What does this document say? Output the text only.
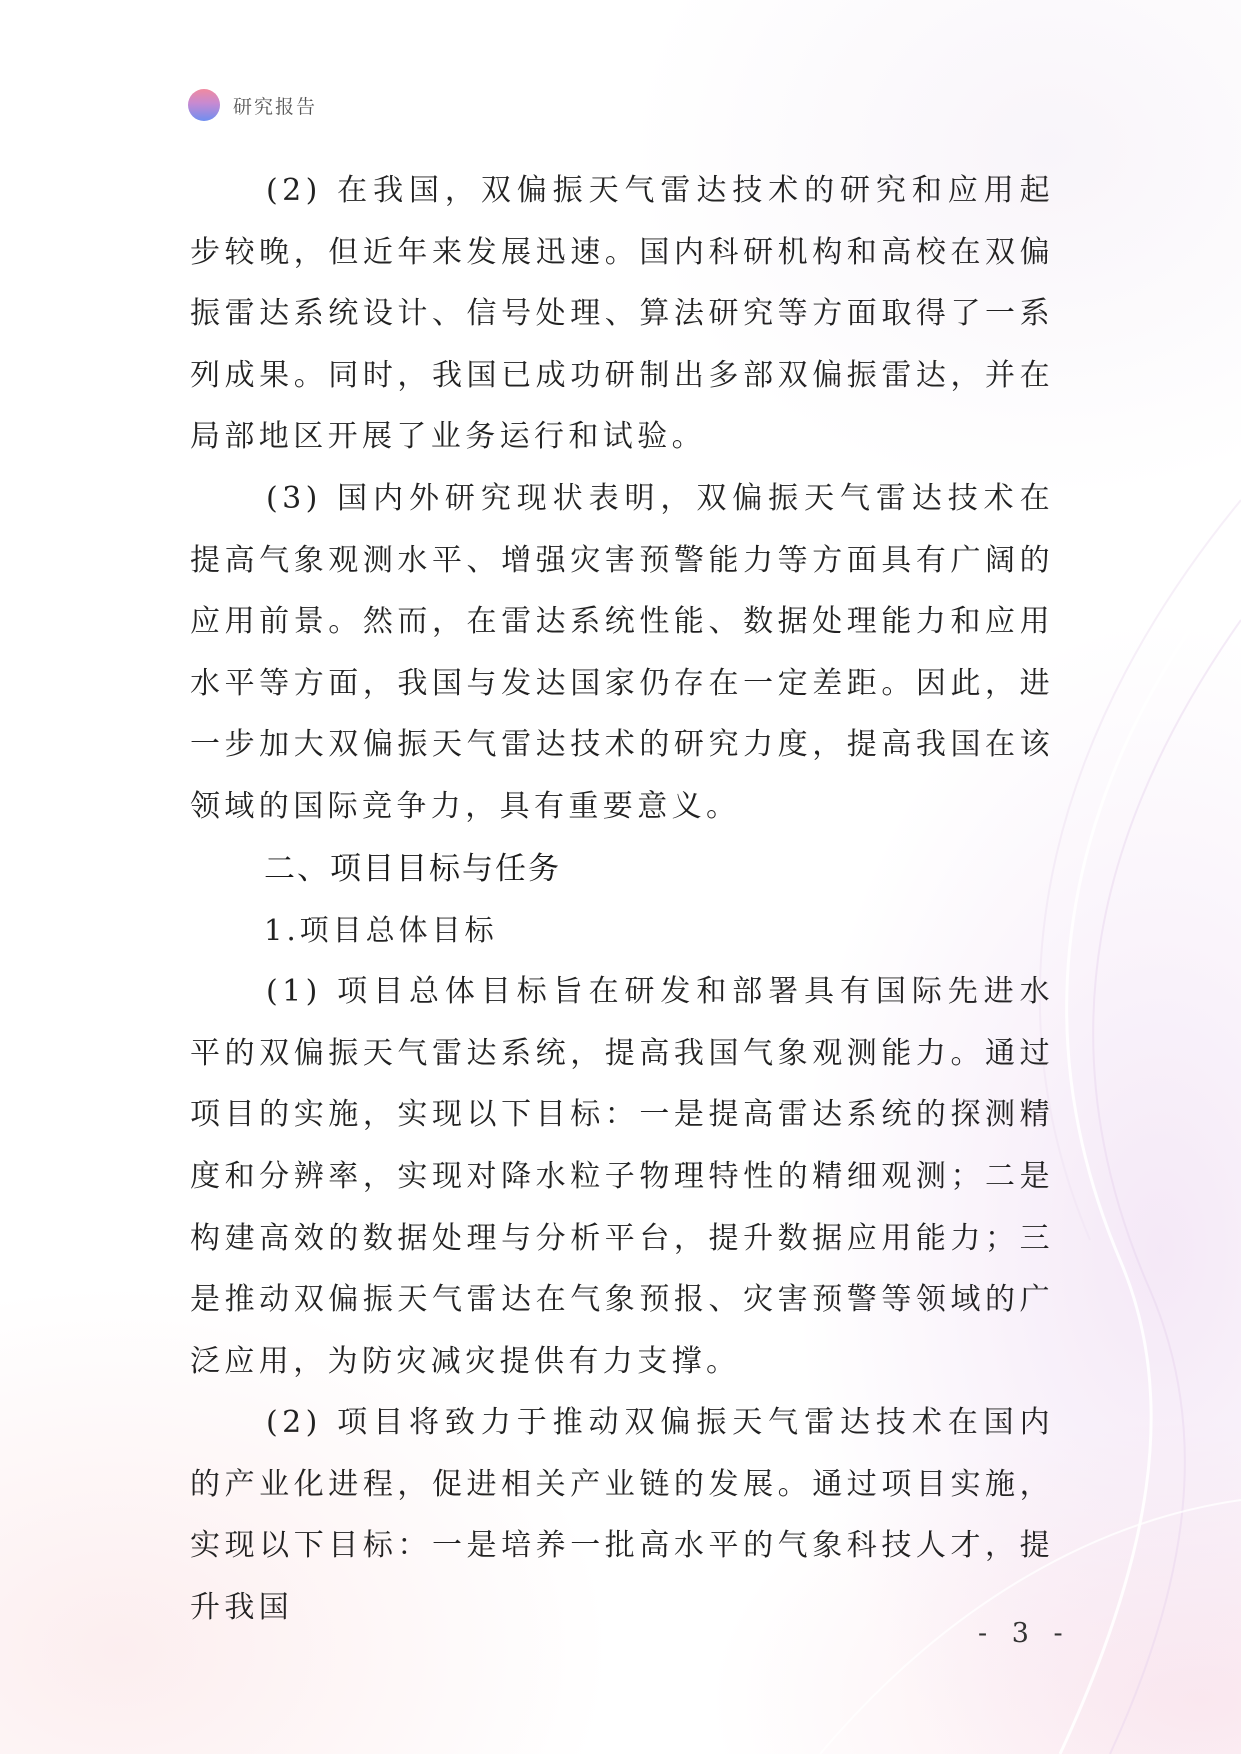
研究报告

(2) 在我国，双偏振天气雷达技术的研究和应用起步较晚，但近年来发展迅速。国内科研机构和高校在双偏振雷达系统设计、信号处理、算法研究等方面取得了一系列成果。同时，我国已成功研制出多部双偏振雷达，并在局部地区开展了业务运行和试验。

(3) 国内外研究现状表明，双偏振天气雷达技术在提高气象观测水平、增强灾害预警能力等方面具有广阔的应用前景。然而，在雷达系统性能、数据处理能力和应用水平等方面，我国与发达国家仍存在一定差距。因此，进一步加大双偏振天气雷达技术的研究力度，提高我国在该领域的国际竞争力，具有重要意义。

二、项目目标与任务

1.项目总体目标

(1) 项目总体目标旨在研发和部署具有国际先进水平的双偏振天气雷达系统，提高我国气象观测能力。通过项目的实施，实现以下目标：一是提高雷达系统的探测精度和分辨率，实现对降水粒子物理特性的精细观测；二是构建高效的数据处理与分析平台，提升数据应用能力；三是推动双偏振天气雷达在气象预报、灾害预警等领域的广泛应用，为防灾减灾提供有力支撑。

(2) 项目将致力于推动双偏振天气雷达技术在国内的产业化进程，促进相关产业链的发展。通过项目实施，实现以下目标：一是培养一批高水平的气象科技人才，提升我国

- 3 -
